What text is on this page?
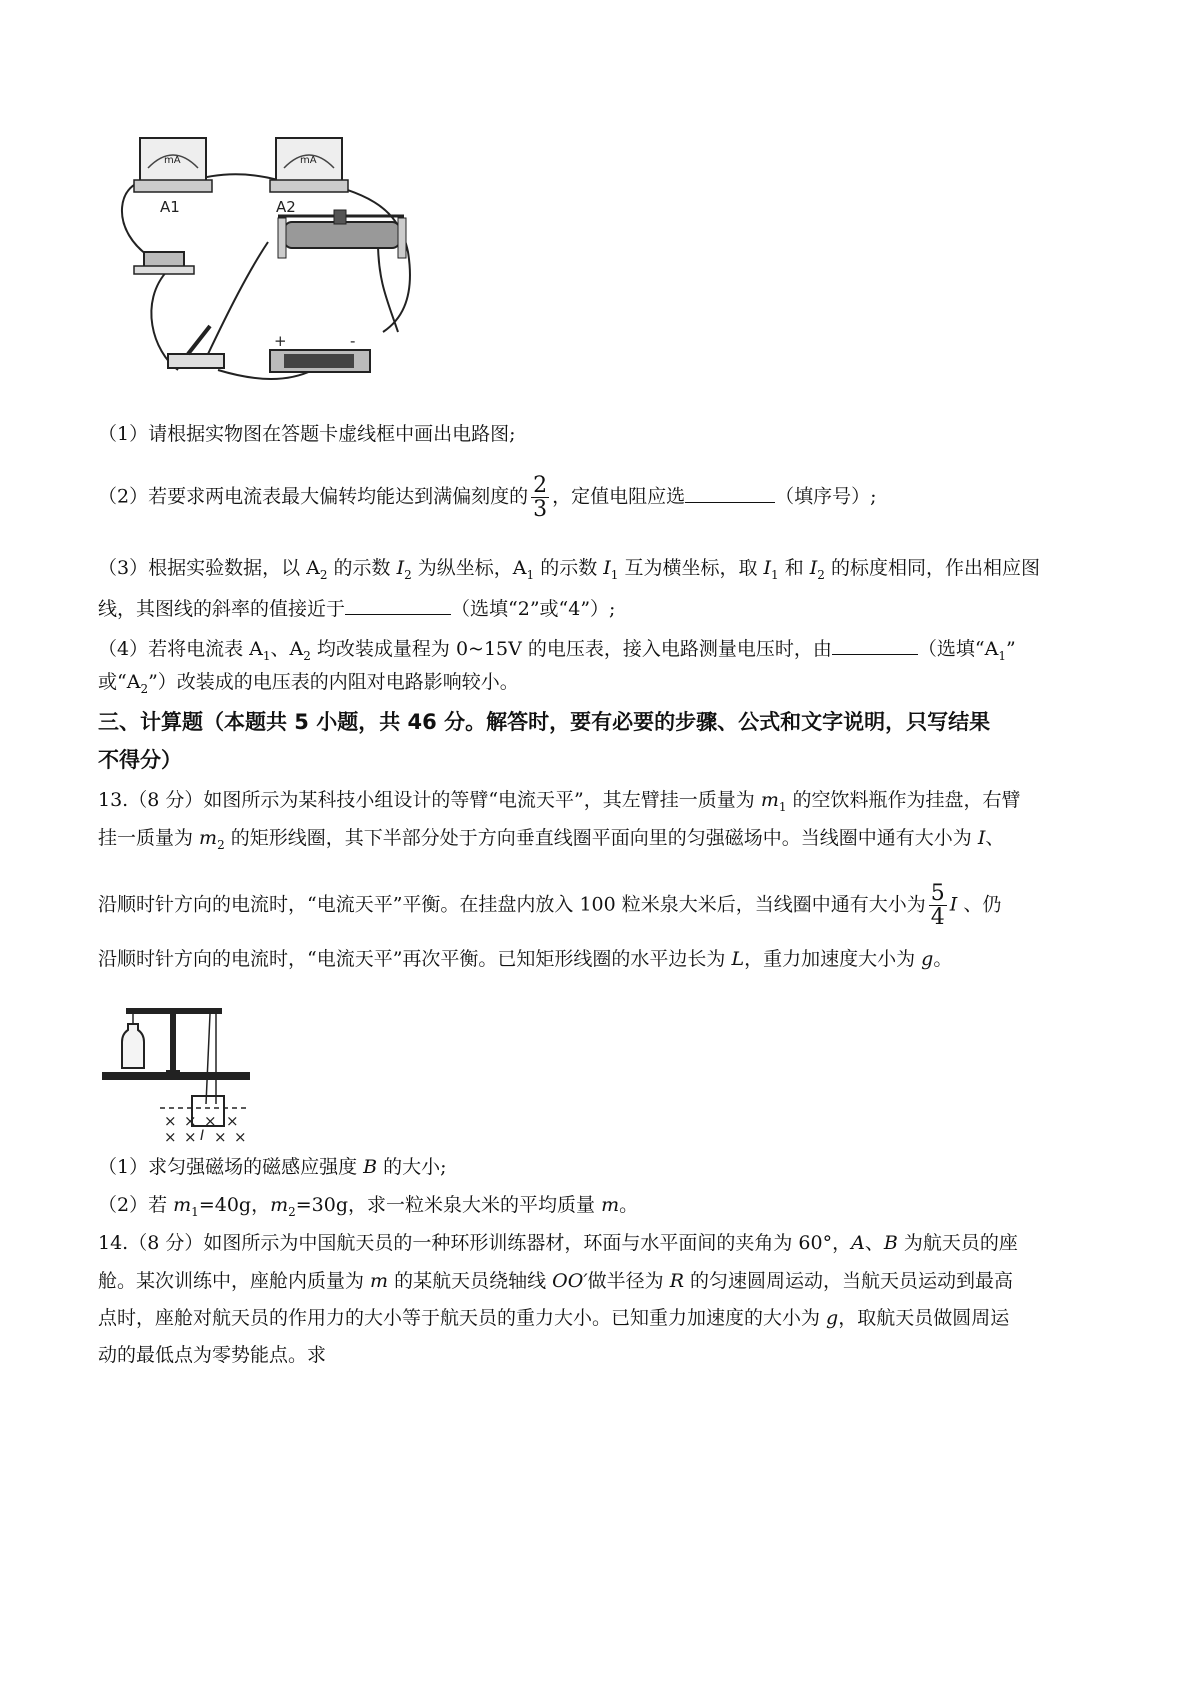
mA
A1
mA
A2
+	-
（1）请根据实物图在答题卡虚线框中画出电路图;
（2）若要求两电流表最大偏转均能达到满偏刻度的 $\frac{2}{3}$ ，定值电阻应选	（填序号）;
（3）根据实验数据，以 $A_2$ 的示数 $I_2$ 为纵坐标，$A_1$ 的示数 $I_1$ 互为横坐标，取 $I_1$ 和 $I_2$ 的标度相同，作出相应图
线，其图线的斜率的值接近于	（选填“2”或“4”）;
（4）若将电流表 $A_1$、$A_2$ 均改装成量程为 0~15V 的电压表，接入电路测量电压时，由	（选填“$A_1$”
或“$A_2$”）改装成的电压表的内阻对电路影响较小。
三、计算题（本题共 5 小题，共 46 分。解答时，要有必要的步骤、公式和文字说明，只写结果
不得分）
13.（8 分）如图所示为某科技小组设计的等臂“电流天平”，其左臂挂一质量为 $m_1$ 的空饮料瓶作为挂盘，右臂
挂一质量为 $m_2$ 的矩形线圈，其下半部分处于方向垂直线圈平面向里的匀强磁场中。当线圈中通有大小为 I、
沿顺时针方向的电流时，“电流天平”平衡。在挂盘内放入 100 粒米泉大米后，当线圈中通有大小为 $\frac{5}{4}$ I 、仍
沿顺时针方向的电流时，“电流天平”再次平衡。已知矩形线圈的水平边长为 L，重力加速度大小为 g。
× × × ×
× × × ×
I
（1）求匀强磁场的磁感应强度 B 的大小;
（2）若 $m_1=40g$，$m_2=30g$，求一粒米泉大米的平均质量 m。
14.（8 分）如图所示为中国航天员的一种环形训练器材，环面与水平面间的夹角为 60°，A、B 为航天员的座
舱。某次训练中，座舱内质量为 m 的某航天员绕轴线 OO′做半径为 R 的匀速圆周运动，当航天员运动到最高
点时，座舱对航天员的作用力的大小等于航天员的重力大小。已知重力加速度的大小为 g，取航天员做圆周运
动的最低点为零势能点。求
